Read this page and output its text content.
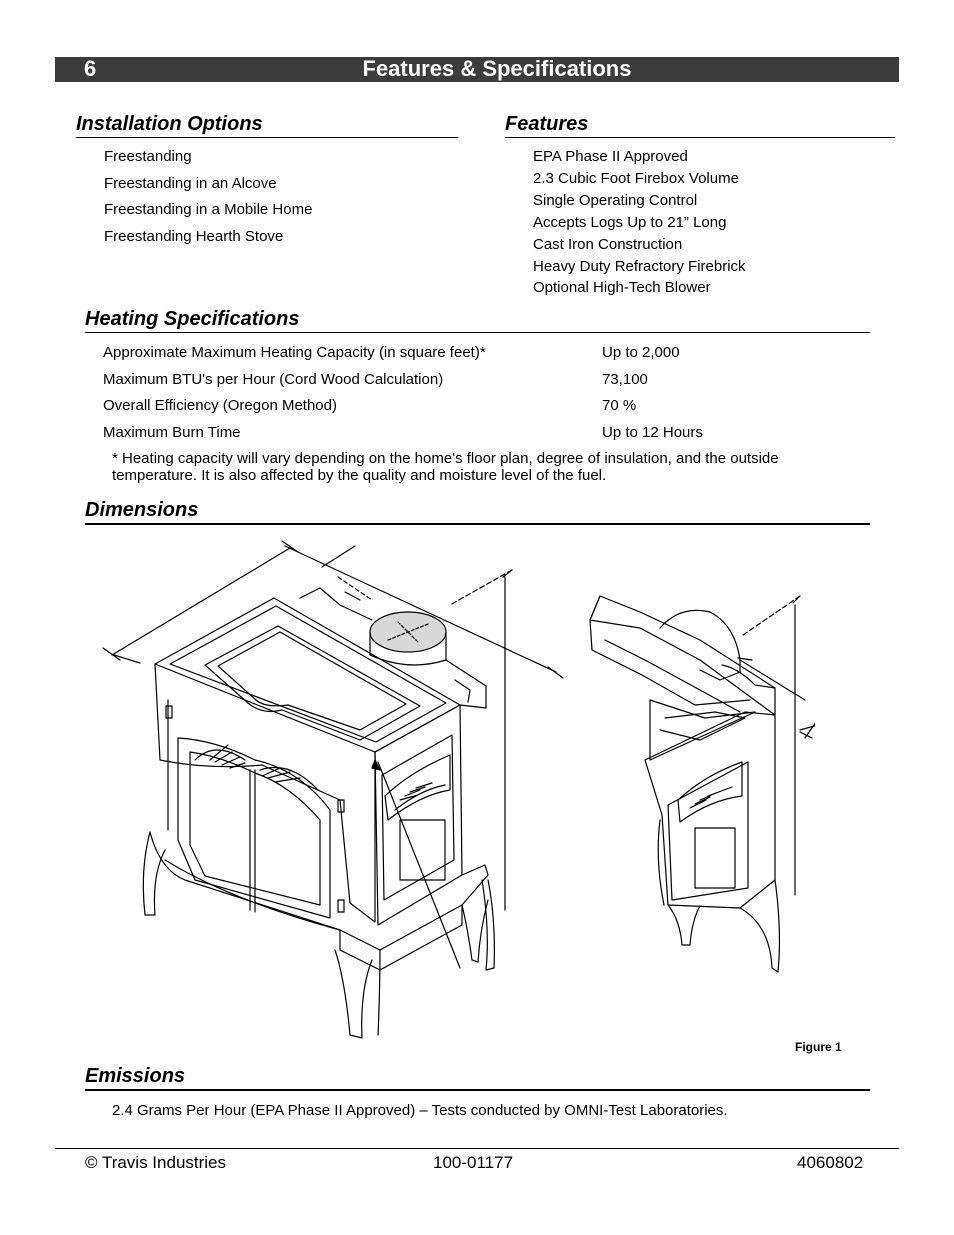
6	Features & Specifications
Installation Options
Freestanding
Freestanding in an Alcove
Freestanding in a Mobile Home
Freestanding Hearth Stove
Features
EPA Phase II Approved
2.3 Cubic Foot Firebox Volume
Single Operating Control
Accepts Logs Up to 21” Long
Cast Iron Construction
Heavy Duty Refractory Firebrick
Optional High-Tech Blower
Heating Specifications
Approximate Maximum Heating Capacity (in square feet)*	Up to 2,000
Maximum BTU's per Hour (Cord Wood Calculation)	73,100
Overall Efficiency (Oregon Method)	70 %
Maximum Burn Time	Up to 12 Hours

* Heating capacity will vary depending on the home's floor plan, degree of insulation, and the outside

temperature. It is also affected by the quality and moisture level of the fuel.

Dimensions
Figure 1
Emissions
2.4 Grams Per Hour (EPA Phase II Approved) – Tests conducted by OMNI-Test Laboratories.
© Travis Industries	100-01177	4060802
